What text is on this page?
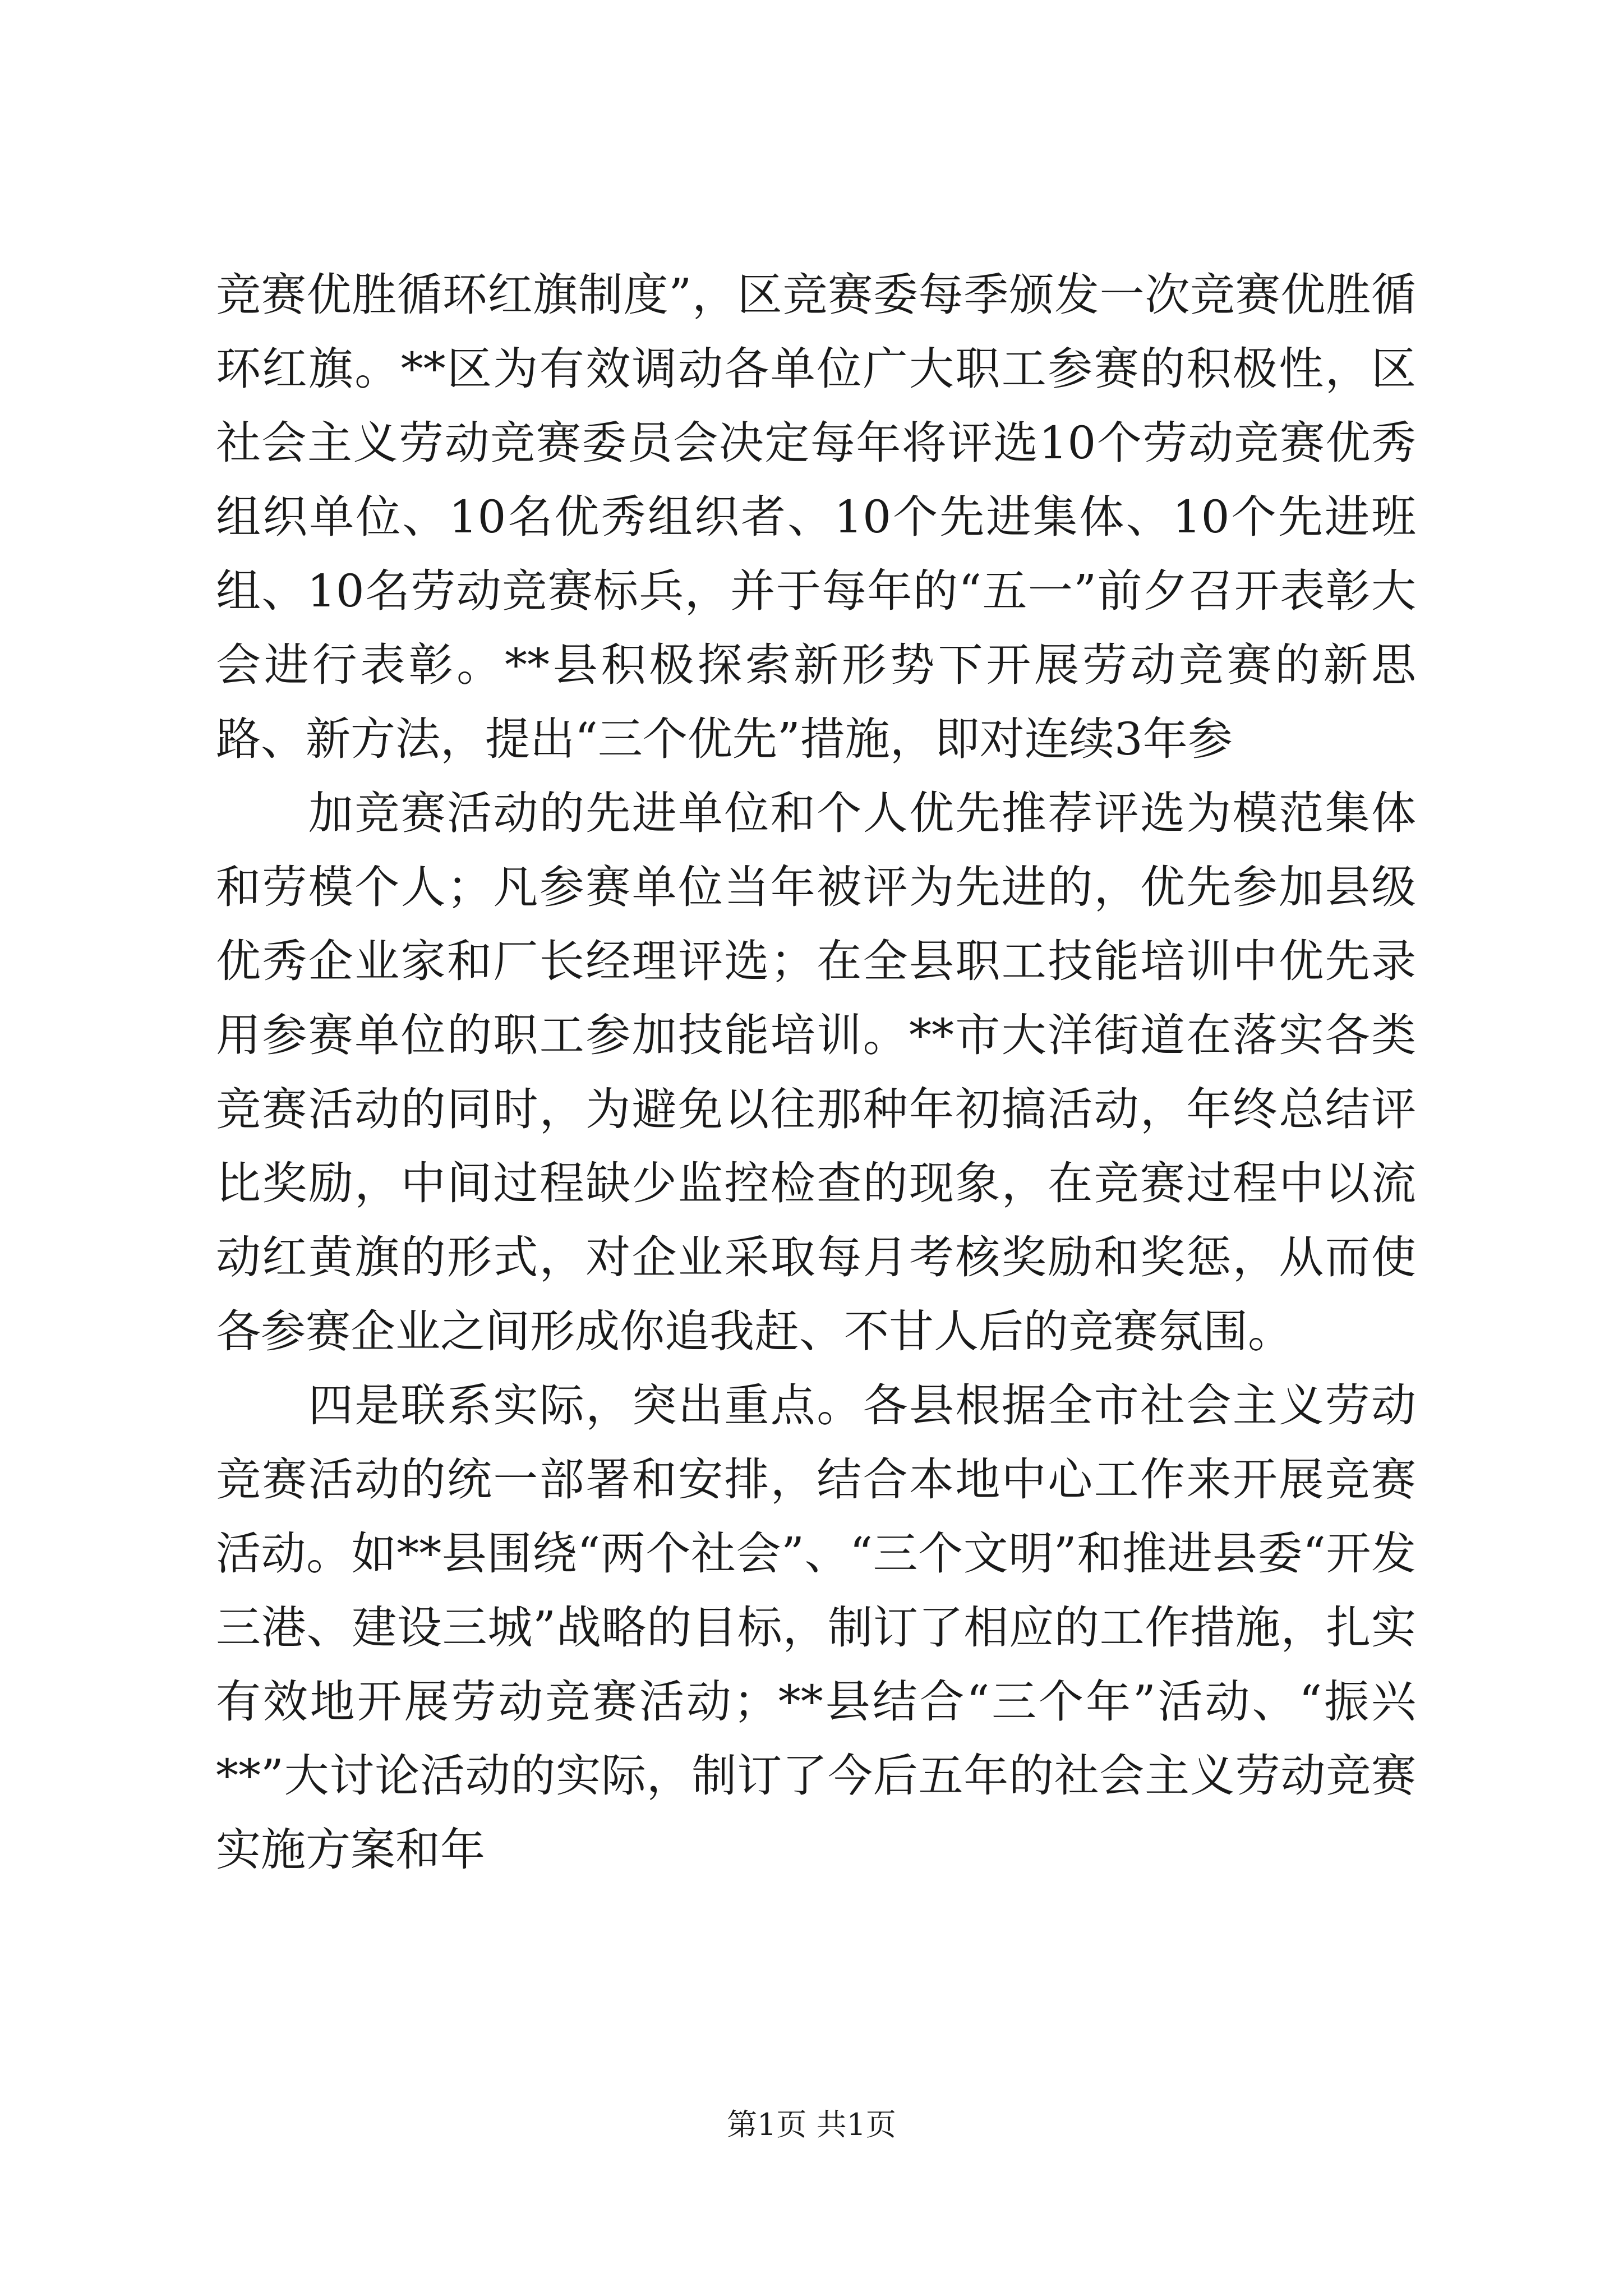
竞赛优胜循环红旗制度”，区竞赛委每季颁发一次竞赛优胜循环红旗。**区为有效调动各单位广大职工参赛的积极性，区社会主义劳动竞赛委员会决定每年将评选10个劳动竞赛优秀组织单位、10名优秀组织者、10个先进集体、10个先进班组、10名劳动竞赛标兵，并于每年的“五一”前夕召开表彰大会进行表彰。**县积极探索新形势下开展劳动竞赛的新思路、新方法，提出“三个优先”措施，即对连续3年参

　　加竞赛活动的先进单位和个人优先推荐评选为模范集体和劳模个人；凡参赛单位当年被评为先进的，优先参加县级优秀企业家和厂长经理评选；在全县职工技能培训中优先录用参赛单位的职工参加技能培训。**市大洋街道在落实各类竞赛活动的同时，为避免以往那种年初搞活动，年终总结评比奖励，中间过程缺少监控检查的现象，在竞赛过程中以流动红黄旗的形式，对企业采取每月考核奖励和奖惩，从而使各参赛企业之间形成你追我赶、不甘人后的竞赛氛围。

　　四是联系实际，突出重点。各县根据全市社会主义劳动竞赛活动的统一部署和安排，结合本地中心工作来开展竞赛活动。如**县围绕“两个社会”、“三个文明”和推进县委“开发三港、建设三城”战略的目标，制订了相应的工作措施，扎实有效地开展劳动竞赛活动；**县结合“三个年”活动、“振兴**”大讨论活动的实际，制订了今后五年的社会主义劳动竞赛实施方案和年

第1页 共1页
